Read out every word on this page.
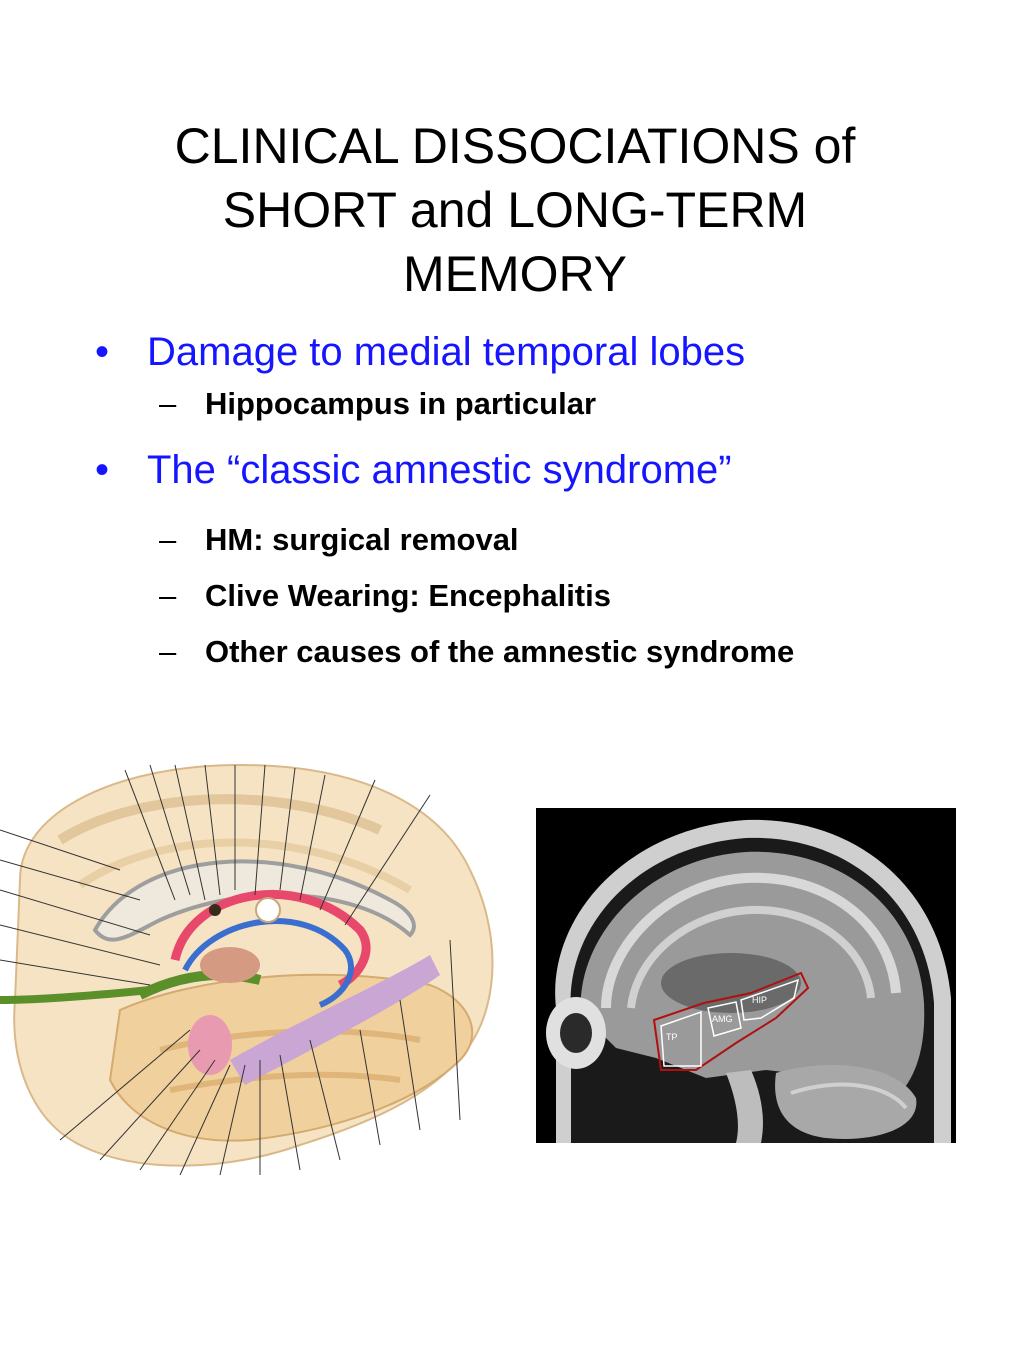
CLINICAL DISSOCIATIONS of
SHORT and LONG-TERM
MEMORY
• Damage to medial temporal lobes
– Hippocampus in particular
• The “classic amnestic syndrome”
– HM: surgical removal
– Clive Wearing: Encephalitis
– Other causes of the amnestic syndrome
TP
AMG
HIP
